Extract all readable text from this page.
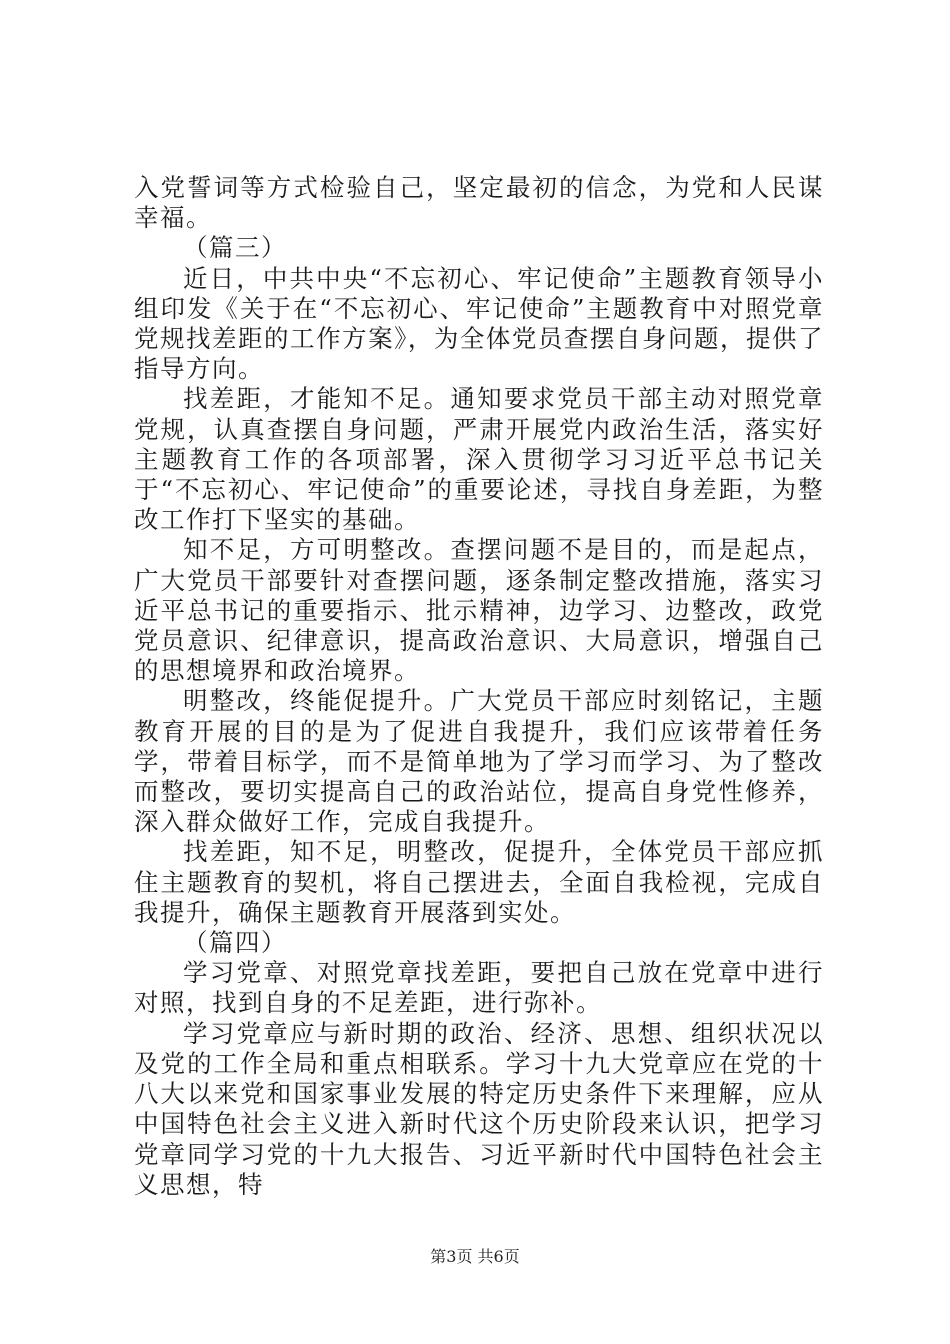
入党誓词等方式检验自己，坚定最初的信念，为党和人民谋幸福。

（篇三）

近日，中共中央“不忘初心、牢记使命”主题教育领导小组印发《关于在“不忘初心、牢记使命”主题教育中对照党章党规找差距的工作方案》，为全体党员查摆自身问题，提供了指导方向。

找差距，才能知不足。通知要求党员干部主动对照党章党规，认真查摆自身问题，严肃开展党内政治生活，落实好主题教育工作的各项部署，深入贯彻学习习近平总书记关于“不忘初心、牢记使命”的重要论述，寻找自身差距，为整改工作打下坚实的基础。

知不足，方可明整改。查摆问题不是目的，而是起点，广大党员干部要针对查摆问题，逐条制定整改措施，落实习近平总书记的重要指示、批示精神，边学习、边整改，政党党员意识、纪律意识，提高政治意识、大局意识，增强自己的思想境界和政治境界。

明整改，终能促提升。广大党员干部应时刻铭记，主题教育开展的目的是为了促进自我提升，我们应该带着任务学，带着目标学，而不是简单地为了学习而学习、为了整改而整改，要切实提高自己的政治站位，提高自身党性修养，深入群众做好工作，完成自我提升。

找差距，知不足，明整改，促提升，全体党员干部应抓住主题教育的契机，将自己摆进去，全面自我检视，完成自我提升，确保主题教育开展落到实处。

（篇四）

学习党章、对照党章找差距，要把自己放在党章中进行对照，找到自身的不足差距，进行弥补。

学习党章应与新时期的政治、经济、思想、组织状况以及党的工作全局和重点相联系。学习十九大党章应在党的十八大以来党和国家事业发展的特定历史条件下来理解，应从中国特色社会主义进入新时代这个历史阶段来认识，把学习党章同学习党的十九大报告、习近平新时代中国特色社会主义思想，特

第3页 共6页
